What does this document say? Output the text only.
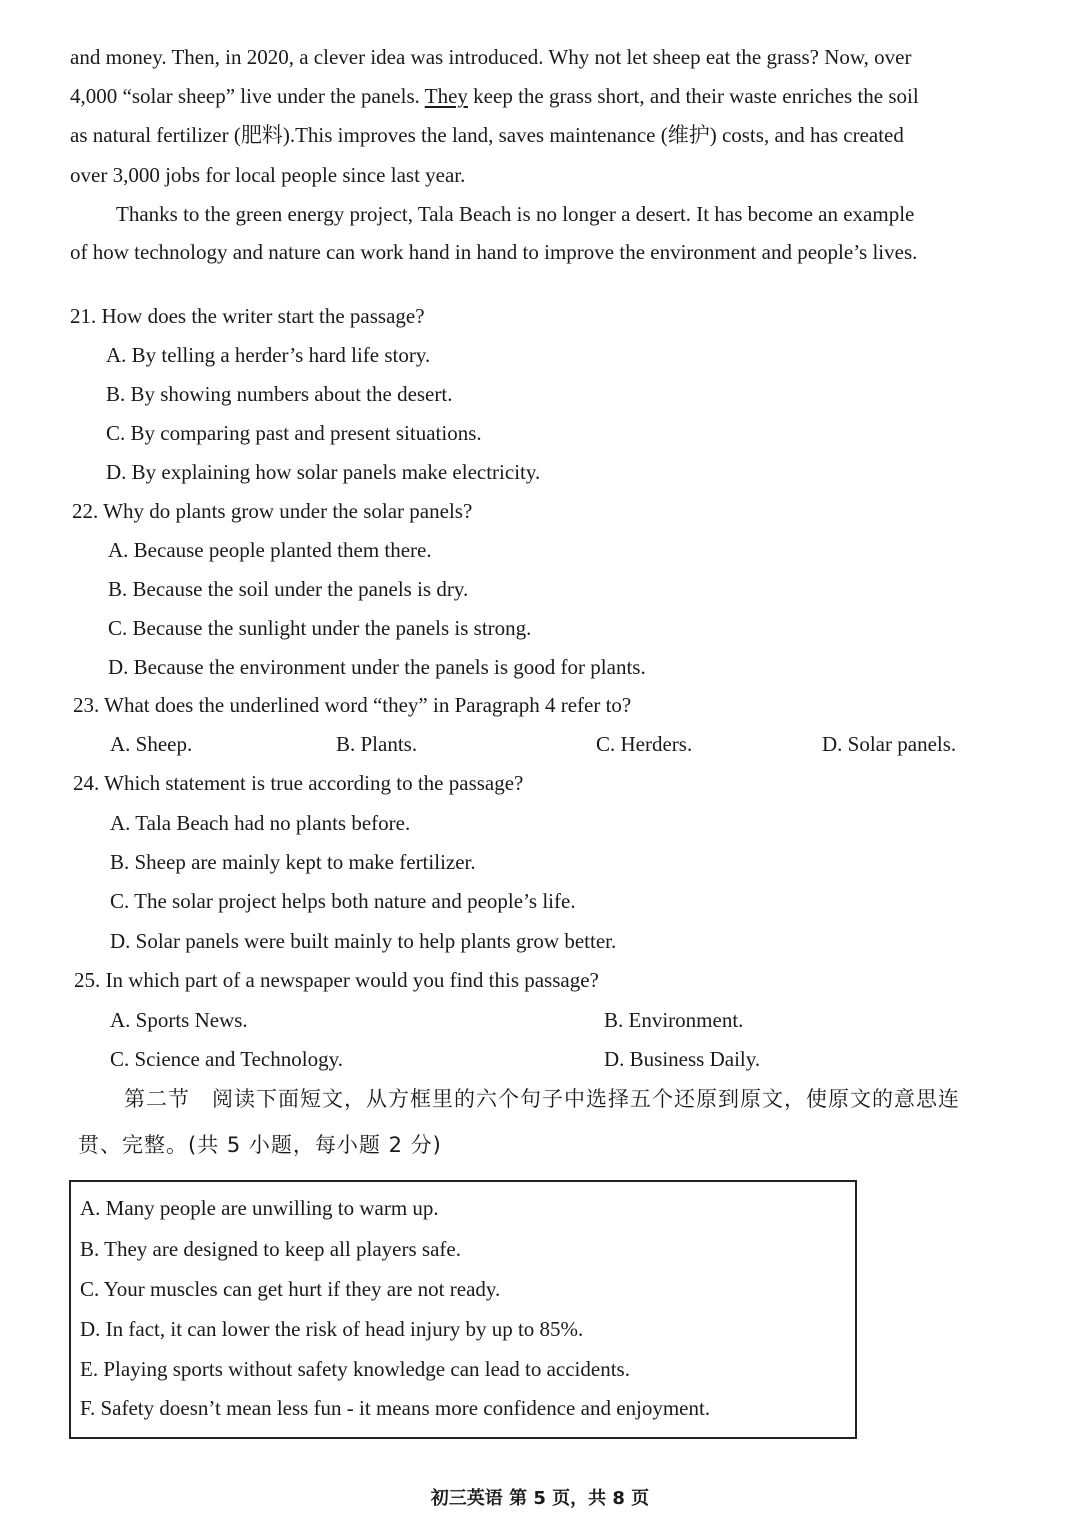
and money. Then, in 2020, a clever idea was introduced. Why not let sheep eat the grass? Now, over
4,000 “solar sheep” live under the panels. They keep the grass short, and their waste enriches the soil
as natural fertilizer (肥料).This improves the land, saves maintenance (维护) costs, and has created
over 3,000 jobs for local people since last year.
Thanks to the green energy project, Tala Beach is no longer a desert. It has become an example
of how technology and nature can work hand in hand to improve the environment and people’s lives.
21. How does the writer start the passage?
A. By telling a herder’s hard life story.
B. By showing numbers about the desert.
C. By comparing past and present situations.
D. By explaining how solar panels make electricity.
22. Why do plants grow under the solar panels?
A. Because people planted them there.
B. Because the soil under the panels is dry.
C. Because the sunlight under the panels is strong.
D. Because the environment under the panels is good for plants.
23. What does the underlined word “they” in Paragraph 4 refer to?
A. Sheep.	B. Plants.	C. Herders.	D. Solar panels.
24. Which statement is true according to the passage?
A. Tala Beach had no plants before.
B. Sheep are mainly kept to make fertilizer.
C. The solar project helps both nature and people’s life.
D. Solar panels were built mainly to help plants grow better.
25. In which part of a newspaper would you find this passage?
A. Sports News.	B. Environment.
C. Science and Technology.	D. Business Daily.
第二节　阅读下面短文，从方框里的六个句子中选择五个还原到原文，使原文的意思连
贯、完整。(共 5 小题，每小题 2 分)
A. Many people are unwilling to warm up.
B. They are designed to keep all players safe.
C. Your muscles can get hurt if they are not ready.
D. In fact, it can lower the risk of head injury by up to 85%.
E. Playing sports without safety knowledge can lead to accidents.
F. Safety doesn’t mean less fun - it means more confidence and enjoyment.
初三英语 第 5 页，共 8 页
